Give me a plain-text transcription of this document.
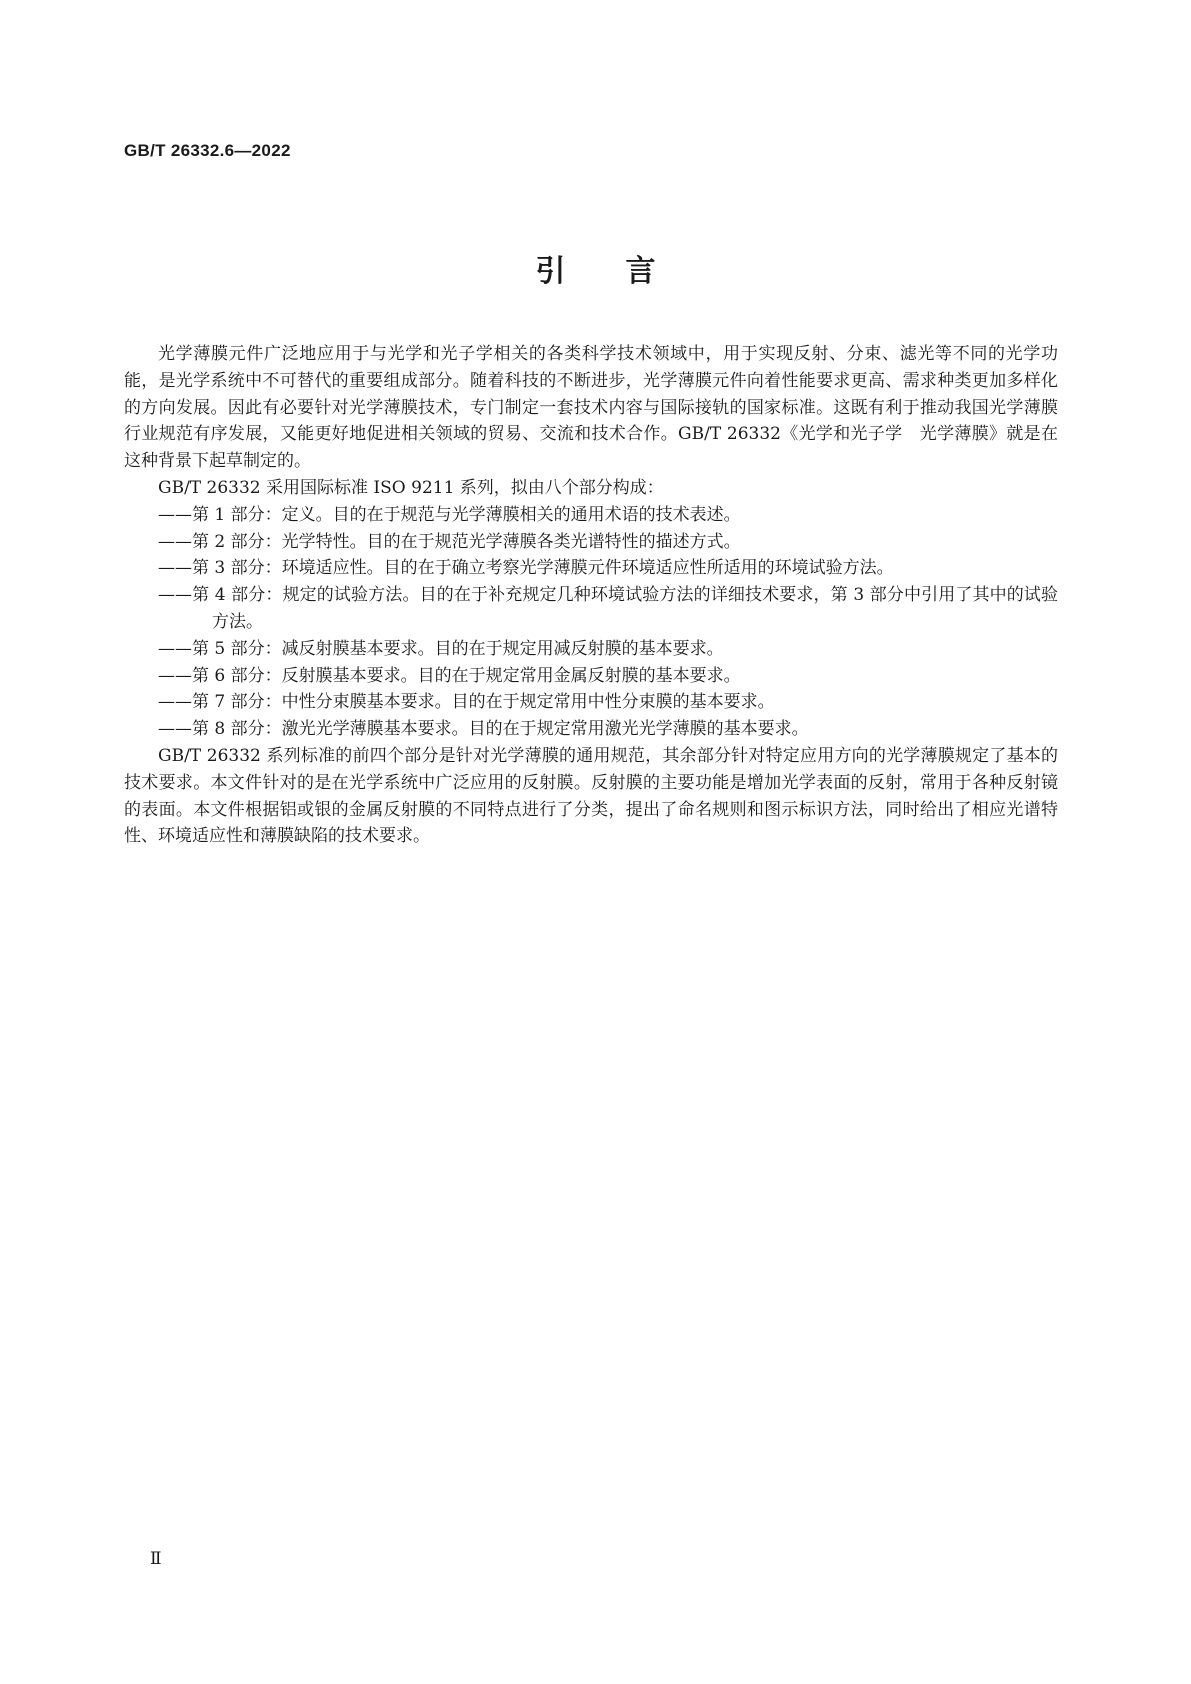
GB/T 26332.6—2022
引言

光学薄膜元件广泛地应用于与光学和光子学相关的各类科学技术领域中，用于实现反射、分束、滤光等不同的光学功能，是光学系统中不可替代的重要组成部分。随着科技的不断进步，光学薄膜元件向着性能要求更高、需求种类更加多样化的方向发展。因此有必要针对光学薄膜技术，专门制定一套技术内容与国际接轨的国家标准。这既有利于推动我国光学薄膜行业规范有序发展，又能更好地促进相关领域的贸易、交流和技术合作。GB/T 26332《光学和光子学　光学薄膜》就是在这种背景下起草制定的。

GB/T 26332 采用国际标准 ISO 9211 系列，拟由八个部分构成：

——第 1 部分：定义。目的在于规范与光学薄膜相关的通用术语的技术表述。

——第 2 部分：光学特性。目的在于规范光学薄膜各类光谱特性的描述方式。

——第 3 部分：环境适应性。目的在于确立考察光学薄膜元件环境适应性所适用的环境试验方法。

——第 4 部分：规定的试验方法。目的在于补充规定几种环境试验方法的详细技术要求，第 3 部分中引用了其中的试验方法。

——第 5 部分：减反射膜基本要求。目的在于规定用减反射膜的基本要求。

——第 6 部分：反射膜基本要求。目的在于规定常用金属反射膜的基本要求。

——第 7 部分：中性分束膜基本要求。目的在于规定常用中性分束膜的基本要求。

——第 8 部分：激光光学薄膜基本要求。目的在于规定常用激光光学薄膜的基本要求。

GB/T 26332 系列标准的前四个部分是针对光学薄膜的通用规范，其余部分针对特定应用方向的光学薄膜规定了基本的技术要求。本文件针对的是在光学系统中广泛应用的反射膜。反射膜的主要功能是增加光学表面的反射，常用于各种反射镜的表面。本文件根据铝或银的金属反射膜的不同特点进行了分类，提出了命名规则和图示标识方法，同时给出了相应光谱特性、环境适应性和薄膜缺陷的技术要求。

Ⅱ
